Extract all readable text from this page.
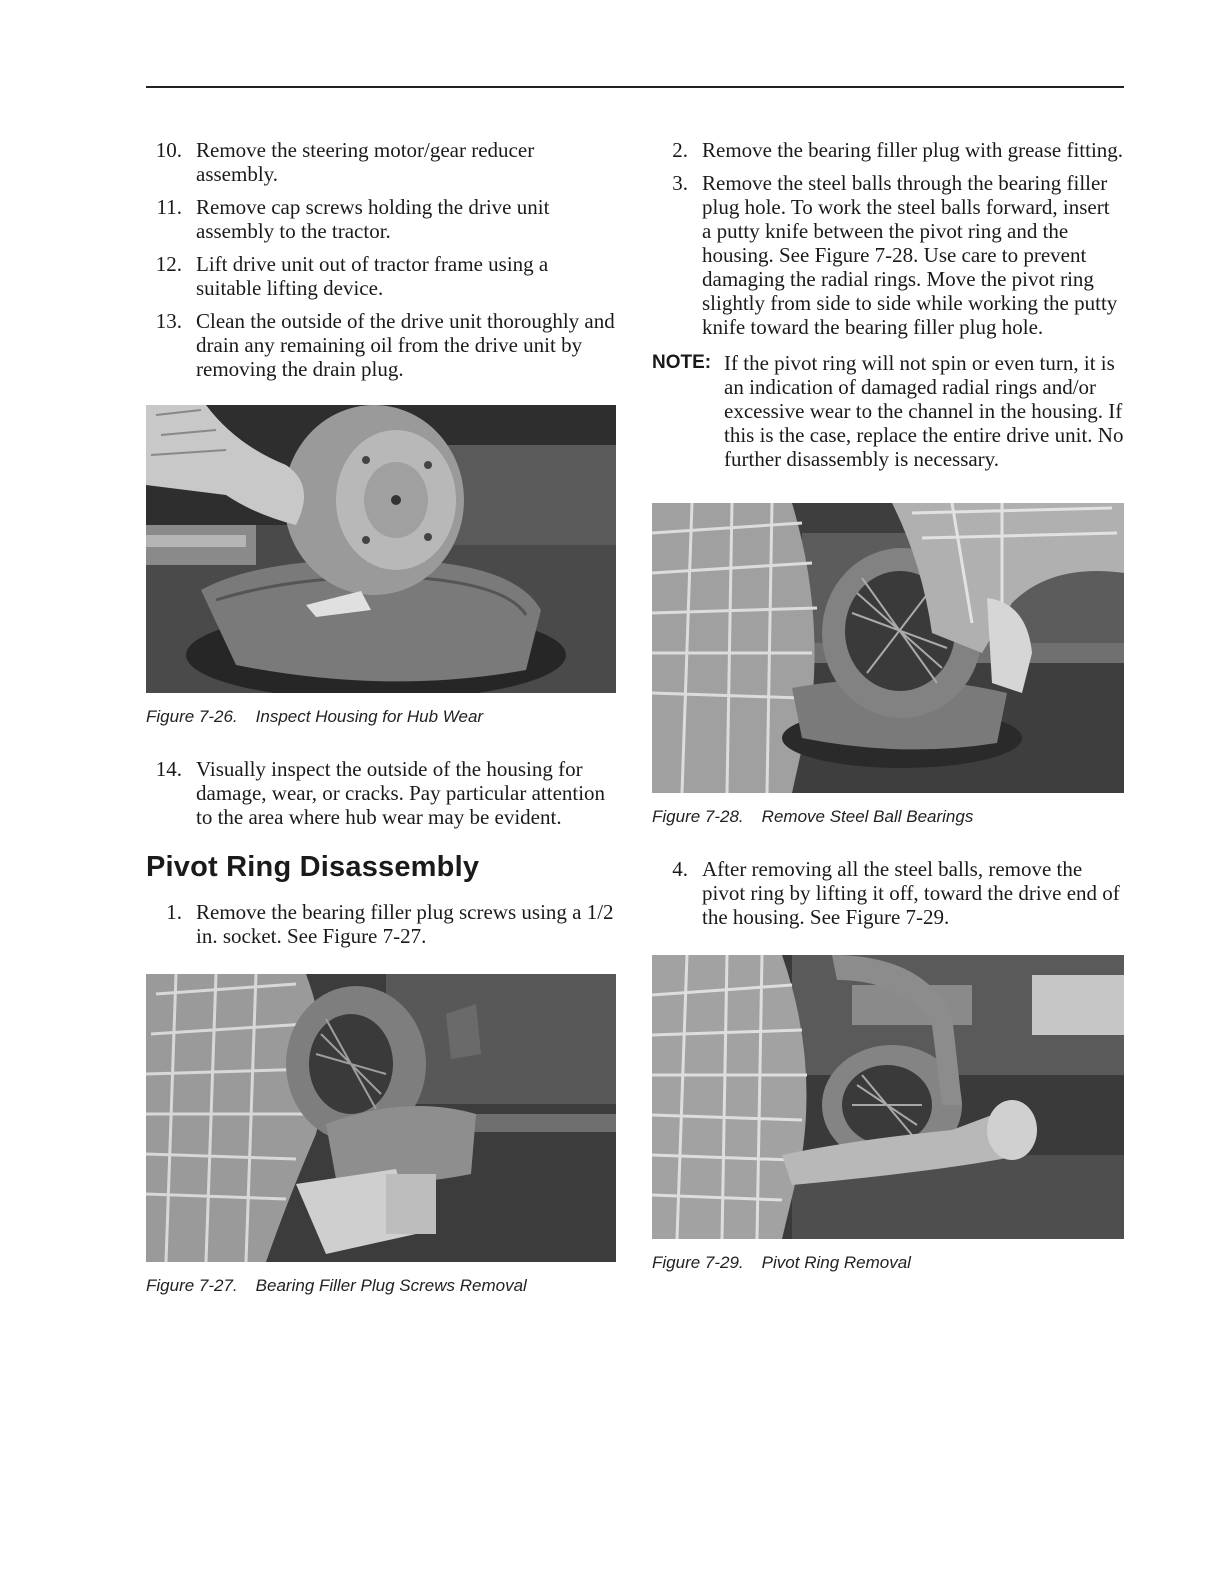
10. Remove the steering motor/gear reducer assembly.
11. Remove cap screws holding the drive unit assembly to the tractor.
12. Lift drive unit out of tractor frame using a suitable lifting device.
13. Clean the outside of the drive unit thoroughly and drain any remaining oil from the drive unit by removing the drain plug.
Figure 7-26. Inspect Housing for Hub Wear
14. Visually inspect the outside of the housing for damage, wear, or cracks. Pay particular attention to the area where hub wear may be evident.
Pivot Ring Disassembly
1. Remove the bearing filler plug screws using a 1/2 in. socket. See Figure 7-27.
Figure 7-27. Bearing Filler Plug Screws Removal
2. Remove the bearing filler plug with grease fitting.
3. Remove the steel balls through the bearing filler plug hole. To work the steel balls forward, insert a putty knife between the pivot ring and the housing. See Figure 7-28. Use care to prevent damaging the radial rings. Move the pivot ring slightly from side to side while working the putty knife toward the bearing filler plug hole.
NOTE: If the pivot ring will not spin or even turn, it is an indication of damaged radial rings and/or excessive wear to the channel in the housing. If this is the case, replace the entire drive unit. No further disassembly is necessary.
Figure 7-28. Remove Steel Ball Bearings
4. After removing all the steel balls, remove the pivot ring by lifting it off, toward the drive end of the housing. See Figure 7-29.
Figure 7-29. Pivot Ring Removal
